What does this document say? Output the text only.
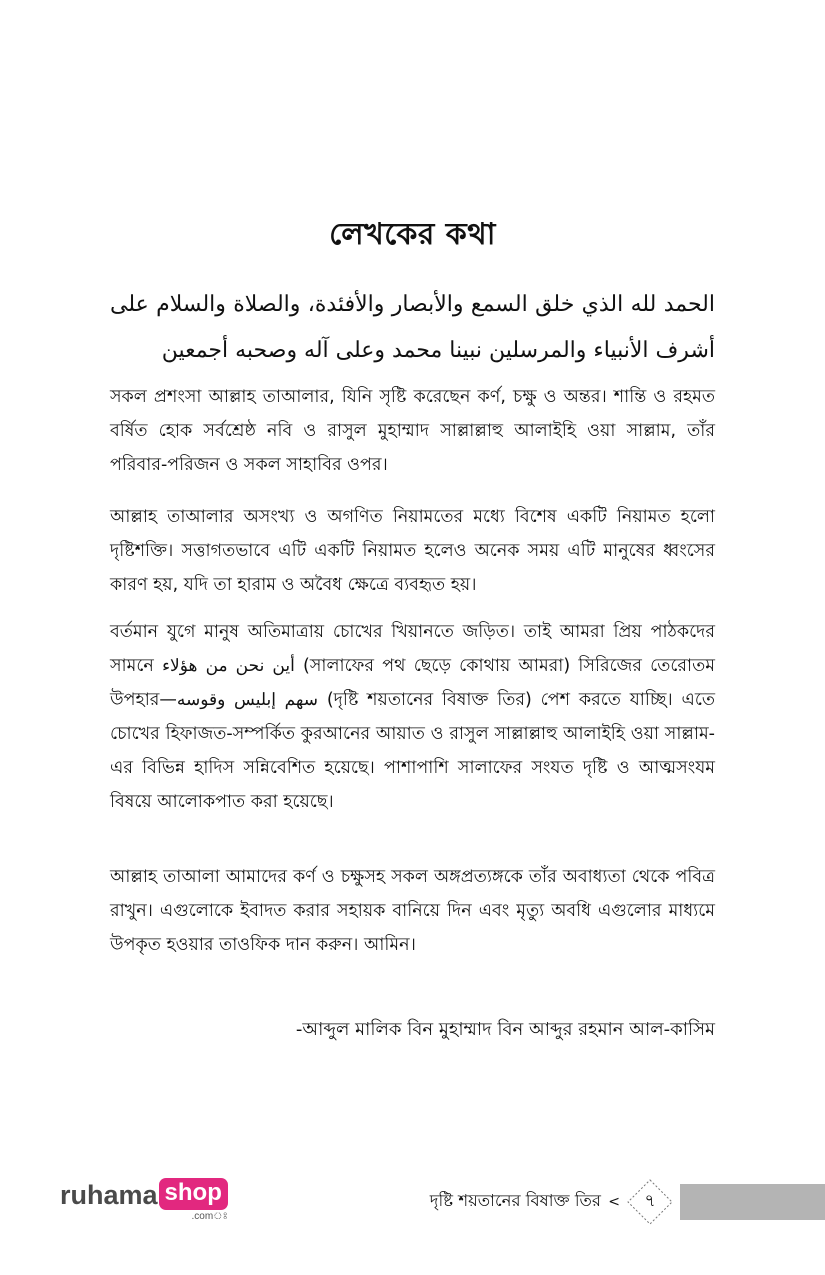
লেখকের কথা
الحمد لله الذي خلق السمع والأبصار والأفئدة، والصلاة والسلام على أشرف الأنبياء والمرسلين نبينا محمد وعلى آله وصحبه أجمعين
সকল প্রশংসা আল্লাহ তাআলার, যিনি সৃষ্টি করেছেন কর্ণ, চক্ষু ও অন্তর। শান্তি ও রহমত বর্ষিত হোক সর্বশ্রেষ্ঠ নবি ও রাসুল মুহাম্মাদ সাল্লাল্লাহু আলাইহি ওয়া সাল্লাম, তাঁর পরিবার-পরিজন ও সকল সাহাবির ওপর।
আল্লাহ তাআলার অসংখ্য ও অগণিত নিয়ামতের মধ্যে বিশেষ একটি নিয়ামত হলো দৃষ্টিশক্তি। সত্তাগতভাবে এটি একটি নিয়ামত হলেও অনেক সময় এটি মানুষের ধ্বংসের কারণ হয়, যদি তা হারাম ও অবৈধ ক্ষেত্রে ব্যবহৃত হয়।
বর্তমান যুগে মানুষ অতিমাত্রায় চোখের খিয়ানতে জড়িত। তাই আমরা প্রিয় পাঠকদের সামনে أين نحن من هؤلاء (সালাফের পথ ছেড়ে কোথায় আমরা) সিরিজের তেরোতম উপহার—سهم إبليس وقوسه (দৃষ্টি শয়তানের বিষাক্ত তির) পেশ করতে যাচ্ছি। এতে চোখের হিফাজত-সম্পর্কিত কুরআনের আয়াত ও রাসুল সাল্লাল্লাহু আলাইহি ওয়া সাল্লাম-এর বিভিন্ন হাদিস সন্নিবেশিত হয়েছে। পাশাপাশি সালাফের সংযত দৃষ্টি ও আত্মসংযম বিষয়ে আলোকপাত করা হয়েছে।
আল্লাহ তাআলা আমাদের কর্ণ ও চক্ষুসহ সকল অঙ্গপ্রত্যঙ্গকে তাঁর অবাধ্যতা থেকে পবিত্র রাখুন। এগুলোকে ইবাদত করার সহায়ক বানিয়ে দিন এবং মৃত্যু অবধি এগুলোর মাধ্যমে উপকৃত হওয়ার তাওফিক দান করুন। আমিন।
-আব্দুল মালিক বিন মুহাম্মাদ বিন আব্দুর রহমান আল-কাসিম
ruhama shop
.comঃ
৭
দৃষ্টি শয়তানের বিষাক্ত তির <
